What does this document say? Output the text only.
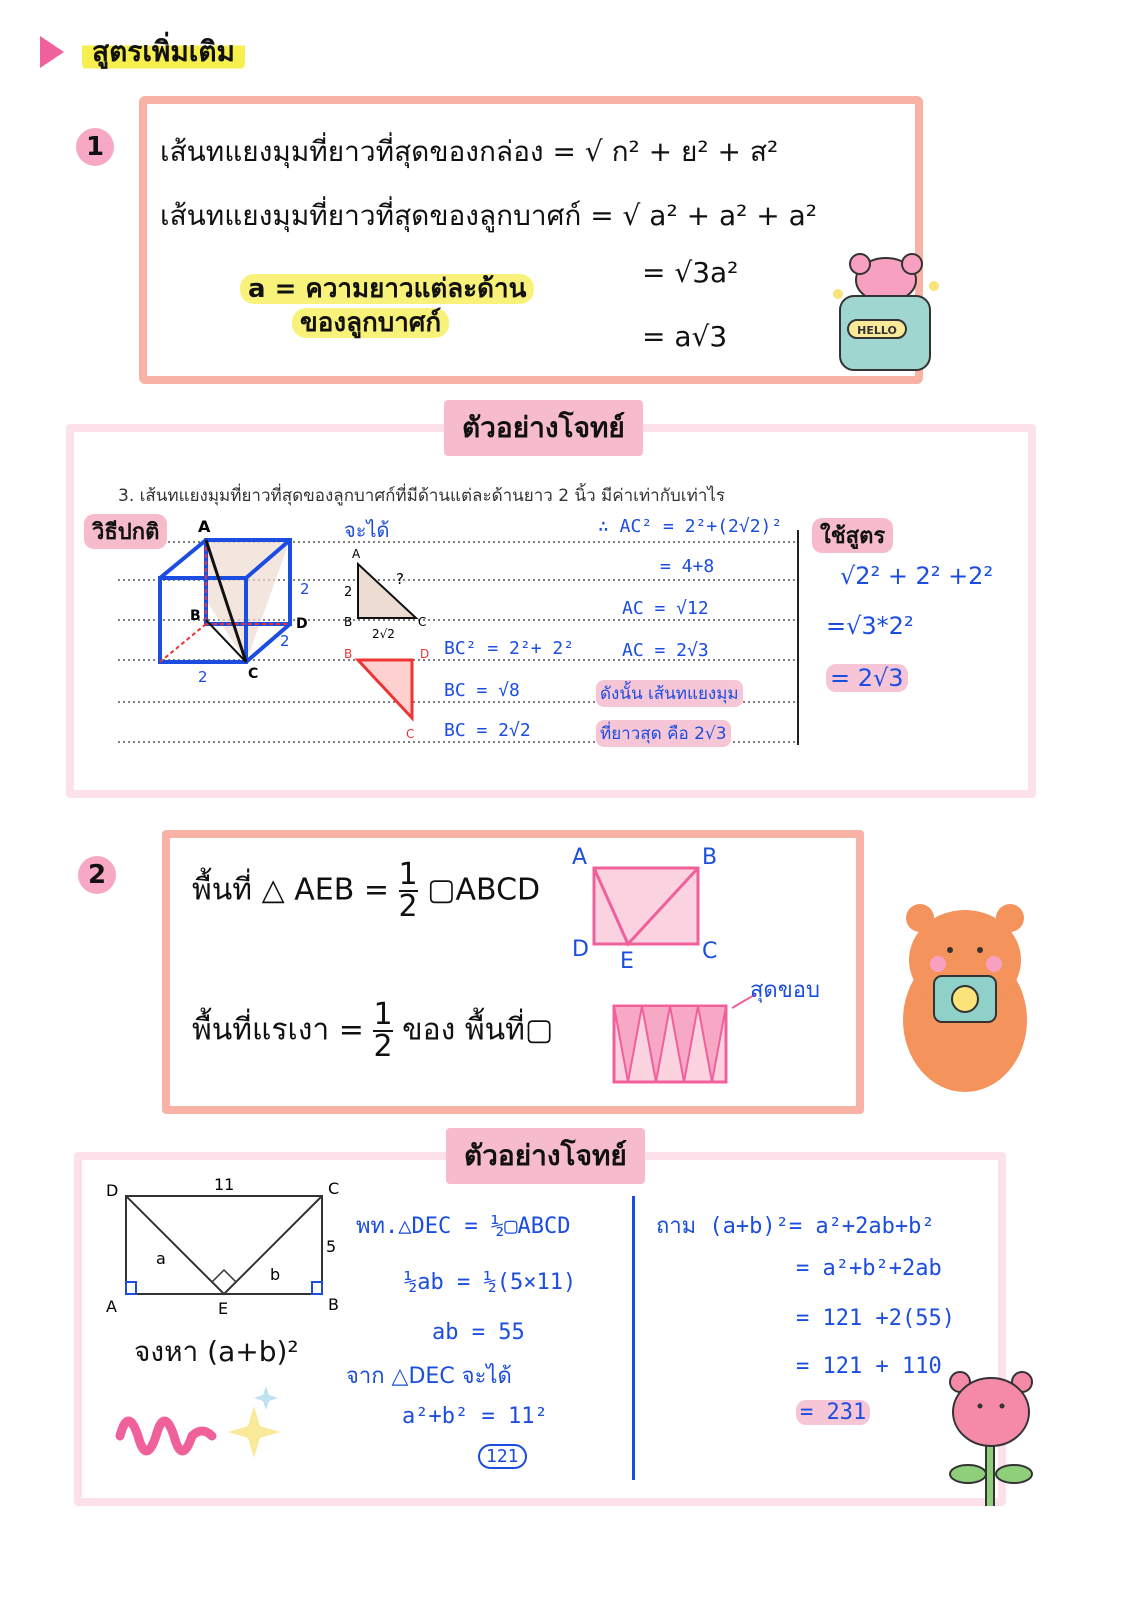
สูตรเพิ่มเติม
1	เส้นทแยงมุมที่ยาวที่สุดของกล่อง = √ ก² + ย² + ส²
เส้นทแยงมุมที่ยาวที่สุดของลูกบาศก์ = √ a² + a² + a²
= √3a²
= a√3
a = ความยาวแต่ละด้าน
ของลูกบาศก์	HELLO
ตัวอย่างโจทย์
3. เส้นทแยงมุมที่ยาวที่สุดของลูกบาศก์ที่มีด้านแต่ละด้านยาว 2 นิ้ว มีค่าเท่ากับเท่าไร
วิธีปกติ	จะได้	ใช้สูตร
A
B
C
D
2
2
2
A
B	C
2
?
2√2
B	D
C
BC² = 2²+ 2²
BC = √8
BC = 2√2
∴ AC² = 2²+(2√2)²
= 4+8
AC = √12
AC = 2√3
ดังนั้น เส้นทแยงมุม
ที่ยาวสุด คือ 2√3
√2² + 2² +2²
=√3*2²
= 2√3
2	พื้นที่ △ AEB = $\frac{1}{2}$ ▢ABCD
พื้นที่แรเงา = $\frac{1}{2}$ ของ พื้นที่▢
A	B
C
D E
สุดขอบ
ตัวอย่างโจทย์
D	C
A	B
E
11
5
a
b
จงหา (a+b)²
พท.△DEC = ½▢ABCD
½ab = ½(5×11)
ab = 55
จาก △DEC จะได้
a²+b² = 11²
121
ถาม (a+b)²= a²+2ab+b²
= a²+b²+2ab
= 121 +2(55)
= 121 + 110
= 231
